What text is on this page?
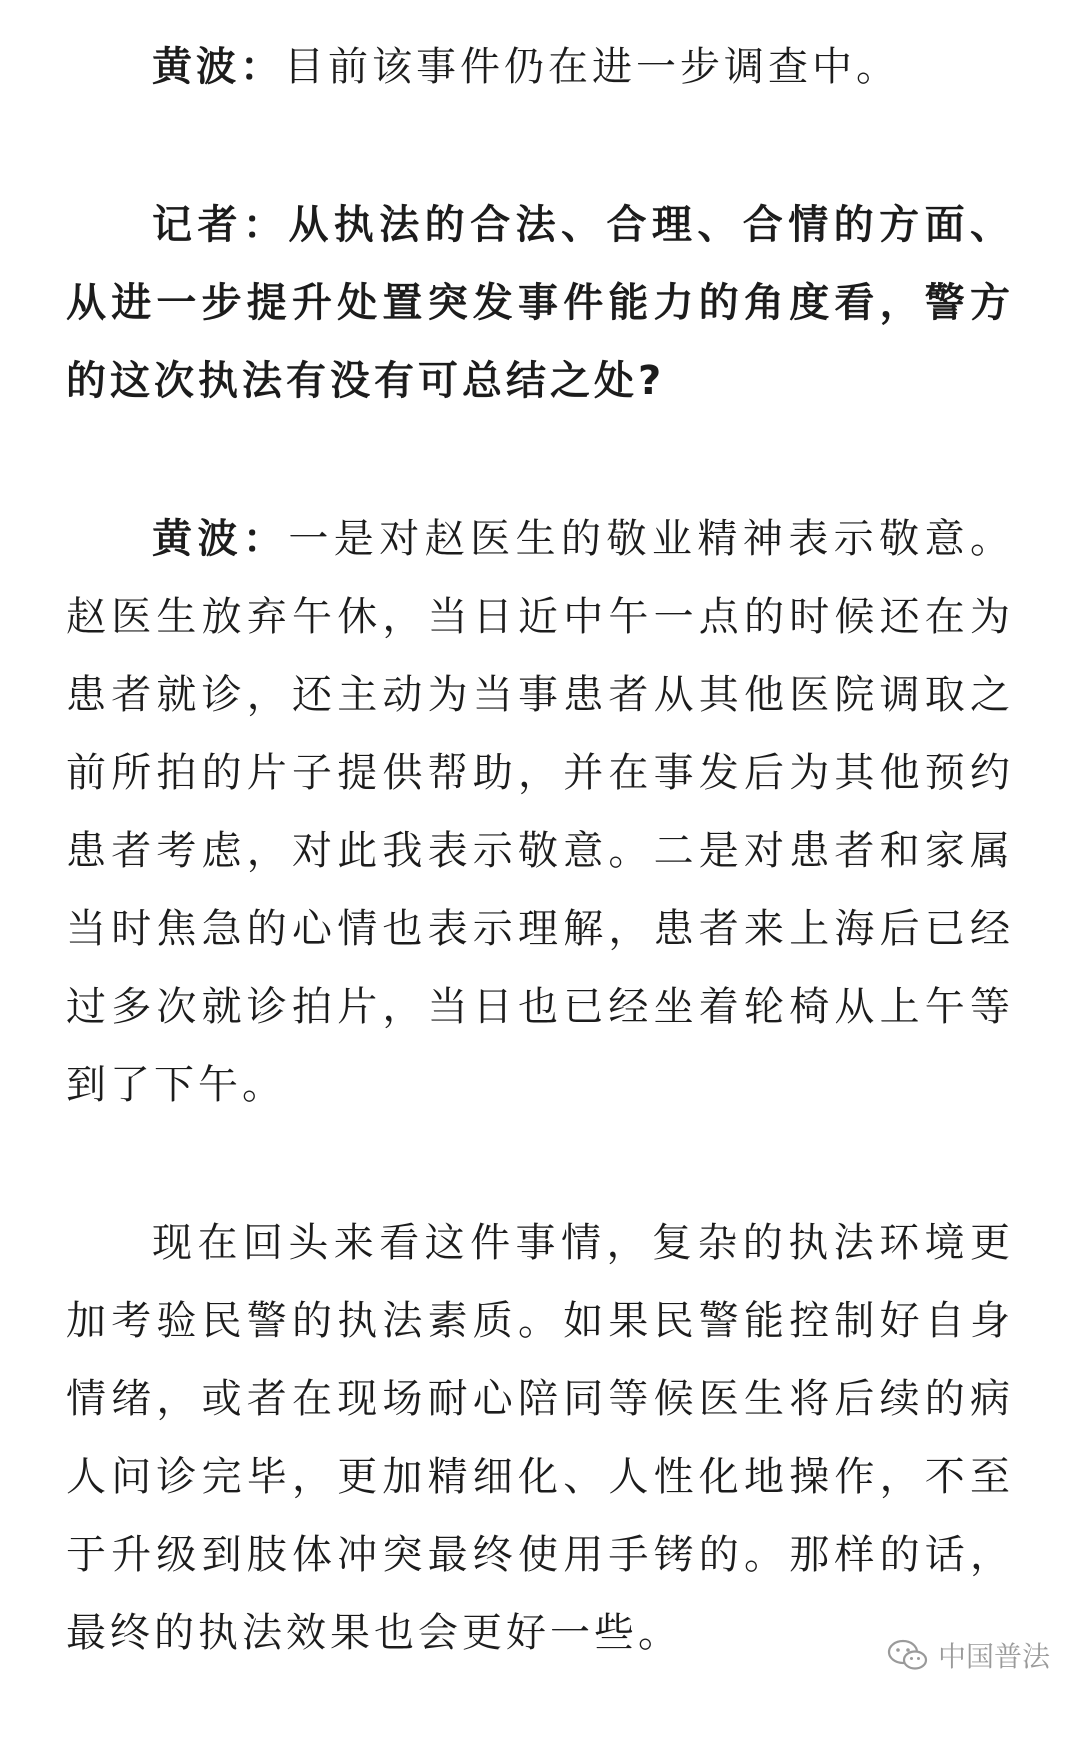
黄波：目前该事件仍在进一步调查中。

记者：从执法的合法、合理、合情的方面、从进一步提升处置突发事件能力的角度看，警方的这次执法有没有可总结之处?

黄波：一是对赵医生的敬业精神表示敬意。赵医生放弃午休，当日近中午一点的时候还在为患者就诊，还主动为当事患者从其他医院调取之前所拍的片子提供帮助，并在事发后为其他预约患者考虑，对此我表示敬意。二是对患者和家属当时焦急的心情也表示理解，患者来上海后已经过多次就诊拍片，当日也已经坐着轮椅从上午等到了下午。

现在回头来看这件事情，复杂的执法环境更加考验民警的执法素质。如果民警能控制好自身情绪，或者在现场耐心陪同等候医生将后续的病人问诊完毕，更加精细化、人性化地操作，不至于升级到肢体冲突最终使用手铐的。那样的话，最终的执法效果也会更好一些。

中国普法
